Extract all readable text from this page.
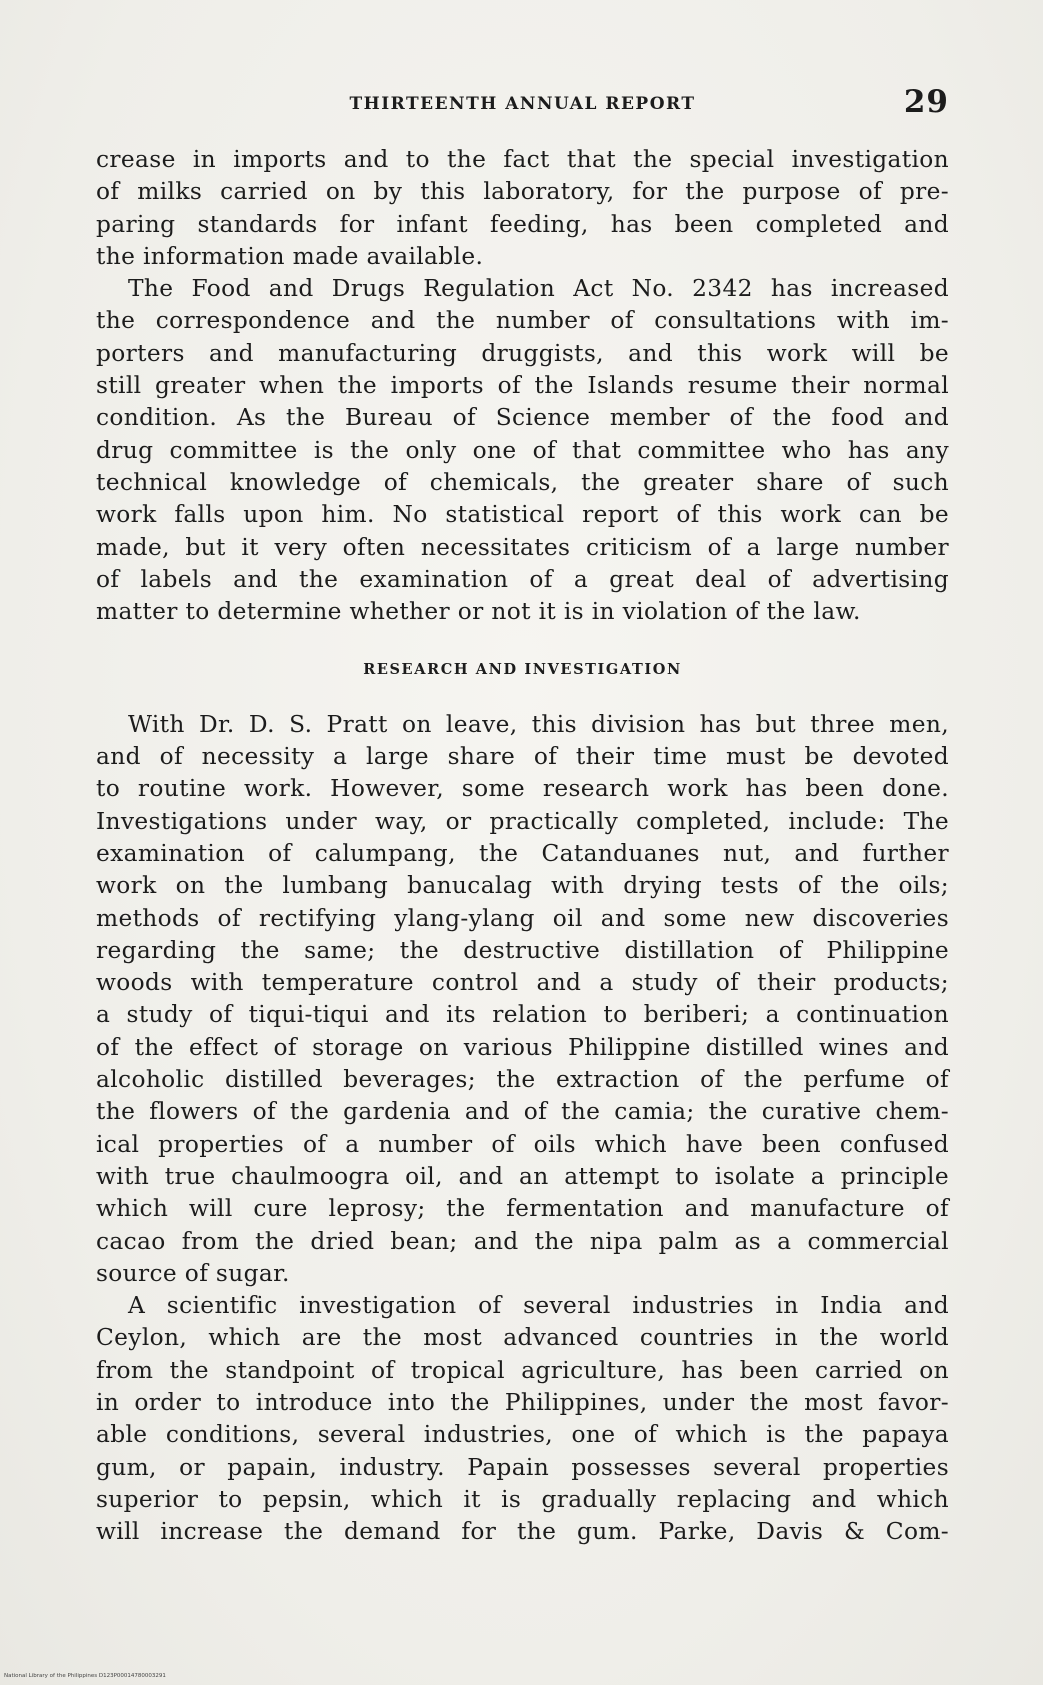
THIRTEENTH ANNUAL REPORT	29
crease in imports and to the fact that the special investigation
of milks carried on by this laboratory, for the purpose of pre-
paring standards for infant feeding, has been completed and
the information made available.
The Food and Drugs Regulation Act No. 2342 has increased
the correspondence and the number of consultations with im-
porters and manufacturing druggists, and this work will be
still greater when the imports of the Islands resume their normal
condition. As the Bureau of Science member of the food and
drug committee is the only one of that committee who has any
technical knowledge of chemicals, the greater share of such
work falls upon him. No statistical report of this work can be
made, but it very often necessitates criticism of a large number
of labels and the examination of a great deal of advertising
matter to determine whether or not it is in violation of the law.
RESEARCH AND INVESTIGATION
With Dr. D. S. Pratt on leave, this division has but three men,
and of necessity a large share of their time must be devoted
to routine work. However, some research work has been done.
Investigations under way, or practically completed, include: The
examination of calumpang, the Catanduanes nut, and further
work on the lumbang banucalag with drying tests of the oils;
methods of rectifying ylang-ylang oil and some new discoveries
regarding the same; the destructive distillation of Philippine
woods with temperature control and a study of their products;
a study of tiqui-tiqui and its relation to beriberi; a continuation
of the effect of storage on various Philippine distilled wines and
alcoholic distilled beverages; the extraction of the perfume of
the flowers of the gardenia and of the camia; the curative chem-
ical properties of a number of oils which have been confused
with true chaulmoogra oil, and an attempt to isolate a principle
which will cure leprosy; the fermentation and manufacture of
cacao from the dried bean; and the nipa palm as a commercial
source of sugar.
A scientific investigation of several industries in India and
Ceylon, which are the most advanced countries in the world
from the standpoint of tropical agriculture, has been carried on
in order to introduce into the Philippines, under the most favor-
able conditions, several industries, one of which is the papaya
gum, or papain, industry. Papain possesses several properties
superior to pepsin, which it is gradually replacing and which
will increase the demand for the gum. Parke, Davis & Com-
National Library of the Philippines D123P00014780003291
